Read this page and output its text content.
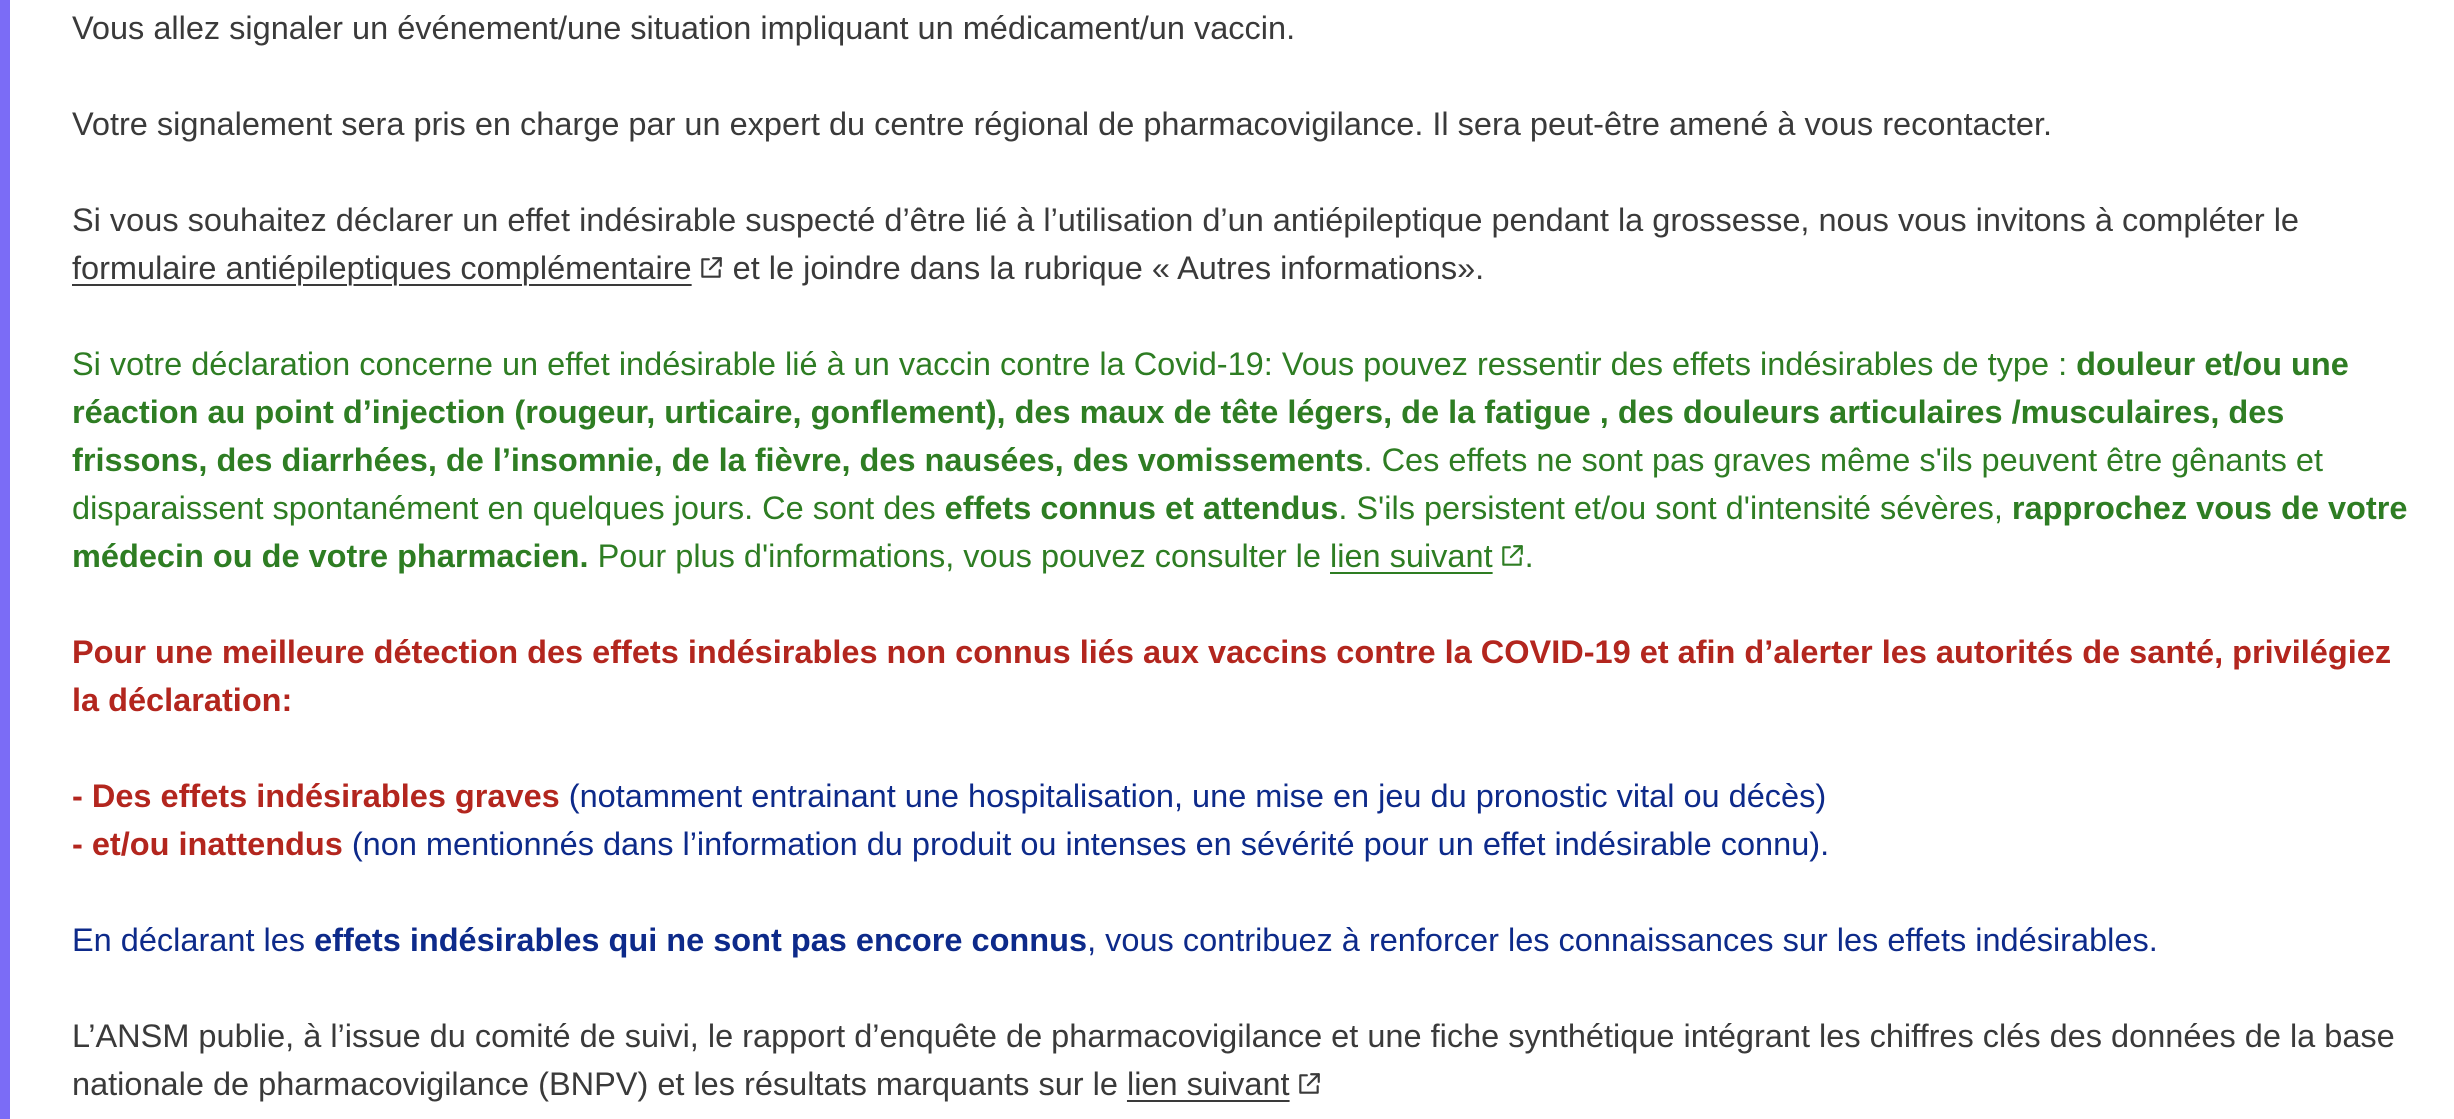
Vous allez signaler un événement/une situation impliquant un médicament/un vaccin.

Votre signalement sera pris en charge par un expert du centre régional de pharmacovigilance. Il sera peut-être amené à vous recontacter.

Si vous souhaitez déclarer un effet indésirable suspecté d’être lié à l’utilisation d’un antiépileptique pendant la grossesse, nous vous invitons à compléter le formulaire antiépileptiques complémentaire
et le joindre dans la rubrique « Autres informations».

Si votre déclaration concerne un effet indésirable lié à un vaccin contre la Covid-19: Vous pouvez ressentir des effets indésirables de type : douleur et/ou une réaction au point d’injection (rougeur, urticaire, gonflement), des maux de tête légers, de la fatigue , des douleurs articulaires /musculaires, des frissons, des diarrhées, de l’insomnie, de la fièvre, des nausées, des vomissements. Ces effets ne sont pas graves même s'ils peuvent être gênants et disparaissent spontanément en quelques jours. Ce sont des effets connus et attendus. S'ils persistent et/ou sont d'intensité sévères, rapprochez vous de votre médecin ou de votre pharmacien. Pour plus d'informations, vous pouvez consulter le lien suivant .

Pour une meilleure détection des effets indésirables non connus liés aux vaccins contre la COVID-19 et afin d’alerter les autorités de santé, privilégiez la déclaration:

- Des effets indésirables graves (notamment entrainant une hospitalisation, une mise en jeu du pronostic vital ou décès)
- et/ou inattendus (non mentionnés dans l’information du produit ou intenses en sévérité pour un effet indésirable connu).

En déclarant les effets indésirables qui ne sont pas encore connus, vous contribuez à renforcer les connaissances sur les effets indésirables.

L’ANSM publie, à l’issue du comité de suivi, le rapport d’enquête de pharmacovigilance et une fiche synthétique intégrant les chiffres clés des données de la base nationale de pharmacovigilance (BNPV) et les résultats marquants sur le lien suivant
